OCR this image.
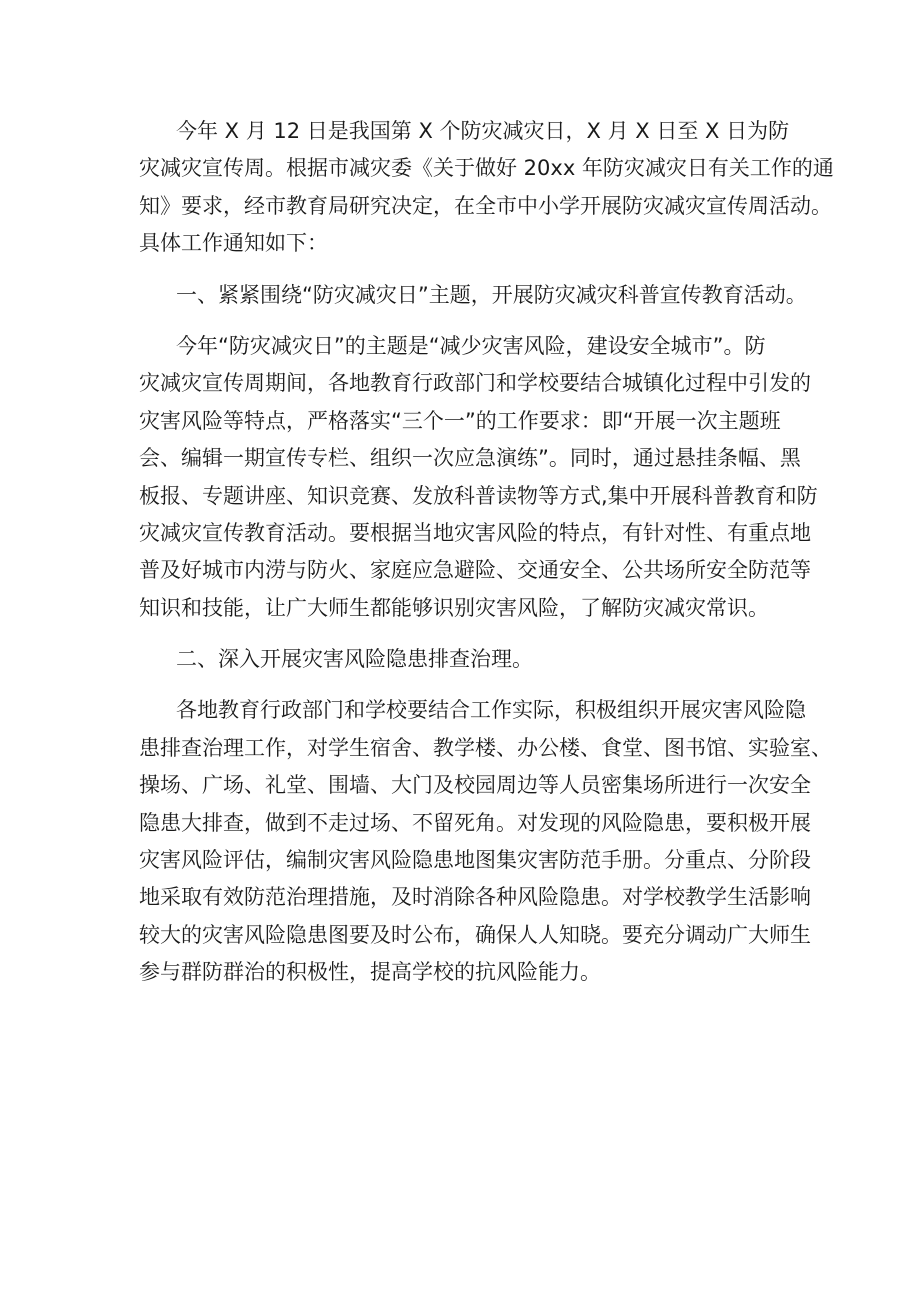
今年 X 月 12 日是我国第 X 个防灾减灾日，X 月 X 日至 X 日为防
灾减灾宣传周。根据市减灾委《关于做好 20xx 年防灾减灾日有关工作的通
知》要求，经市教育局研究决定，在全市中小学开展防灾减灾宣传周活动。
具体工作通知如下：
一、紧紧围绕“防灾减灾日”主题，开展防灾减灾科普宣传教育活动。
今年“防灾减灾日”的主题是“减少灾害风险，建设安全城市”。防
灾减灾宣传周期间，各地教育行政部门和学校要结合城镇化过程中引发的
灾害风险等特点，严格落实“三个一”的工作要求：即“开展一次主题班
会、编辑一期宣传专栏、组织一次应急演练”。同时，通过悬挂条幅、黑
板报、专题讲座、知识竞赛、发放科普读物等方式,集中开展科普教育和防
灾减灾宣传教育活动。要根据当地灾害风险的特点，有针对性、有重点地
普及好城市内涝与防火、家庭应急避险、交通安全、公共场所安全防范等
知识和技能，让广大师生都能够识别灾害风险，了解防灾减灾常识。
二、深入开展灾害风险隐患排查治理。
各地教育行政部门和学校要结合工作实际，积极组织开展灾害风险隐
患排查治理工作，对学生宿舍、教学楼、办公楼、食堂、图书馆、实验室、
操场、广场、礼堂、围墙、大门及校园周边等人员密集场所进行一次安全
隐患大排查，做到不走过场、不留死角。对发现的风险隐患，要积极开展
灾害风险评估，编制灾害风险隐患地图集灾害防范手册。分重点、分阶段
地采取有效防范治理措施，及时消除各种风险隐患。对学校教学生活影响
较大的灾害风险隐患图要及时公布，确保人人知晓。要充分调动广大师生
参与群防群治的积极性，提高学校的抗风险能力。
